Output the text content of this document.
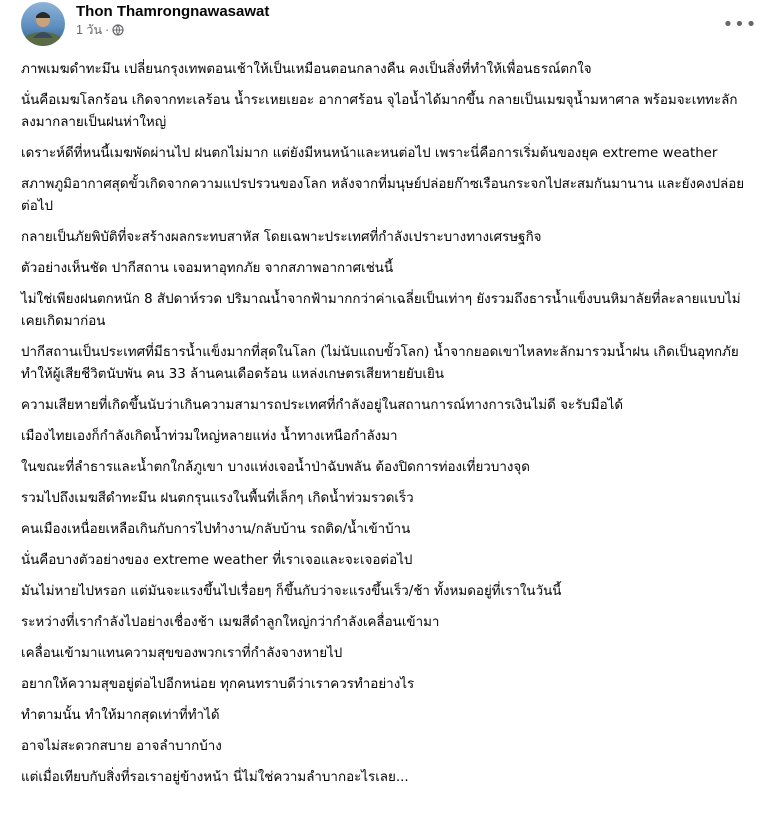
Thon Thamrongnawasawat
1 วัน ·	•••

ภาพเมฆดำทะมึน เปลี่ยนกรุงเทพตอนเช้าให้เป็นเหมือนตอนกลางคืน คงเป็นสิ่งที่ทำให้เพื่อนธรณ์ตกใจ

นั่นคือเมฆโลกร้อน เกิดจากทะเลร้อน น้ำระเหยเยอะ อากาศร้อน จุไอน้ำได้มากขึ้น กลายเป็นเมฆจุน้ำมหาศาล พร้อมจะเททะลักลงมากลายเป็นฝนห่าใหญ่

เดราะห์ดีที่หนนี้เมฆพัดผ่านไป ฝนตกไม่มาก แต่ยังมีหนหน้าและหนต่อไป เพราะนี่คือการเริ่มต้นของยุค extreme weather

สภาพภูมิอากาศสุดขั้วเกิดจากความแปรปรวนของโลก หลังจากที่มนุษย์ปล่อยก๊าซเรือนกระจกไปสะสมกันมานาน และยังคงปล่อยต่อไป

กลายเป็นภัยพิบัติที่จะสร้างผลกระทบสาหัส โดยเฉพาะประเทศที่กำลังเปราะบางทางเศรษฐกิจ

ตัวอย่างเห็นชัด ปากีสถาน เจอมหาอุทกภัย จากสภาพอากาศเช่นนี้

ไม่ใช่เพียงฝนตกหนัก 8 สัปดาห์รวด ปริมาณน้ำจากฟ้ามากกว่าค่าเฉลี่ยเป็นเท่าๆ ยังรวมถึงธารน้ำแข็งบนหิมาลัยที่ละลายแบบไม่เคยเกิดมาก่อน

ปากีสถานเป็นประเทศที่มีธารน้ำแข็งมากที่สุดในโลก (ไม่นับแถบขั้วโลก) น้ำจากยอดเขาไหลทะลักมารวมน้ำฝน เกิดเป็นอุทกภัยทำให้ผู้เสียชีวิตนับพัน คน 33 ล้านคนเดือดร้อน แหล่งเกษตรเสียหายยับเยิน

ความเสียหายที่เกิดขึ้นนับว่าเกินความสามารถประเทศที่กำลังอยู่ในสถานการณ์ทางการเงินไม่ดี จะรับมือได้

เมืองไทยเองก็กำลังเกิดน้ำท่วมใหญ่หลายแห่ง น้ำทางเหนือกำลังมา

ในขณะที่ลำธารและน้ำตกใกล้ภูเขา บางแห่งเจอน้ำป่าฉับพลัน ต้องปิดการท่องเที่ยวบางจุด

รวมไปถึงเมฆสีดำทะมึน ฝนตกรุนแรงในพื้นที่เล็กๆ เกิดน้ำท่วมรวดเร็ว

คนเมืองเหนื่อยเหลือเกินกับการไปทำงาน/กลับบ้าน รถติด/น้ำเข้าบ้าน

นั่นคือบางตัวอย่างของ extreme weather ที่เราเจอและจะเจอต่อไป

มันไม่หายไปหรอก แต่มันจะแรงขึ้นไปเรื่อยๆ ก็ขึ้นกับว่าจะแรงขึ้นเร็ว/ช้า ทั้งหมดอยู่ที่เราในวันนี้

ระหว่างที่เรากำลังไปอย่างเชื่องช้า เมฆสีดำลูกใหญ่กว่ากำลังเคลื่อนเข้ามา

เคลื่อนเข้ามาแทนความสุขของพวกเราที่กำลังจางหายไป

อยากให้ความสุขอยู่ต่อไปอีกหน่อย ทุกคนทราบดีว่าเราควรทำอย่างไร

ทำตามนั้น ทำให้มากสุดเท่าที่ทำได้

อาจไม่สะดวกสบาย อาจลำบากบ้าง

แต่เมื่อเทียบกับสิ่งที่รอเราอยู่ข้างหน้า นี่ไม่ใช่ความลำบากอะไรเลย...
